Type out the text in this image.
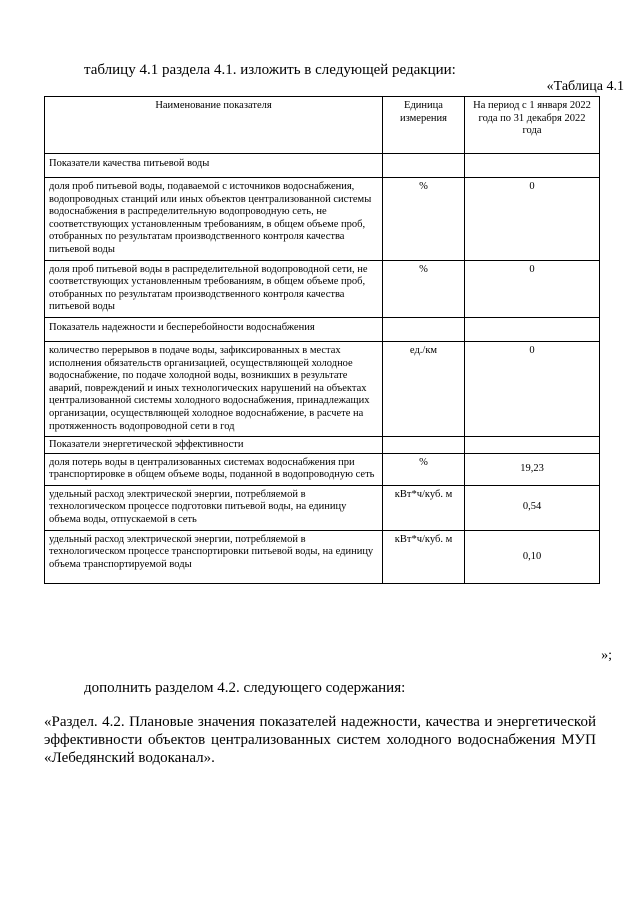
таблицу 4.1 раздела 4.1. изложить в следующей редакции:

«Таблица 4.1

Наименование показателя	Единица измерения	На период с 1 января 2022 года по 31 декабря 2022 года
Показатели качества питьевой воды		
доля проб питьевой воды, подаваемой с источников водоснабжения, водопроводных станций или иных объектов централизованной системы водоснабжения в распределительную водопроводную сеть, не соответствующих установленным требованиям, в общем объеме проб, отобранных по результатам производственного контроля качества питьевой воды	%	0
доля проб питьевой воды в распределительной водопроводной сети, не соответствующих установленным требованиям, в общем объеме проб, отобранных по результатам производственного контроля качества питьевой воды	%	0
Показатель надежности и бесперебойности водоснабжения		
количество перерывов в подаче воды, зафиксированных в местах исполнения обязательств организацией, осуществляющей холодное водоснабжение, по подаче холодной воды, возникших в результате аварий, повреждений и иных технологических нарушений на объектах централизованной системы холодного водоснабжения, принадлежащих организации, осуществляющей холодное водоснабжение, в расчете на протяженность водопроводной сети в год	ед./км	0
Показатели энергетической эффективности		
доля потерь воды в централизованных системах водоснабжения при транспортировке в общем объеме воды, поданной в водопроводную сеть	%	19,23
удельный расход электрической энергии, потребляемой в технологическом процессе подготовки питьевой воды, на единицу объема воды, отпускаемой в сеть	кВт*ч/куб. м	0,54
удельный расход электрической энергии, потребляемой в технологическом процессе транспортировки питьевой воды, на единицу объема транспортируемой воды	кВт*ч/куб. м	0,10

»;

дополнить разделом 4.2. следующего содержания:

«Раздел. 4.2. Плановые значения показателей надежности, качества и энергетической эффективности объектов централизованных систем холодного водоснабжения МУП «Лебедянский водоканал».
